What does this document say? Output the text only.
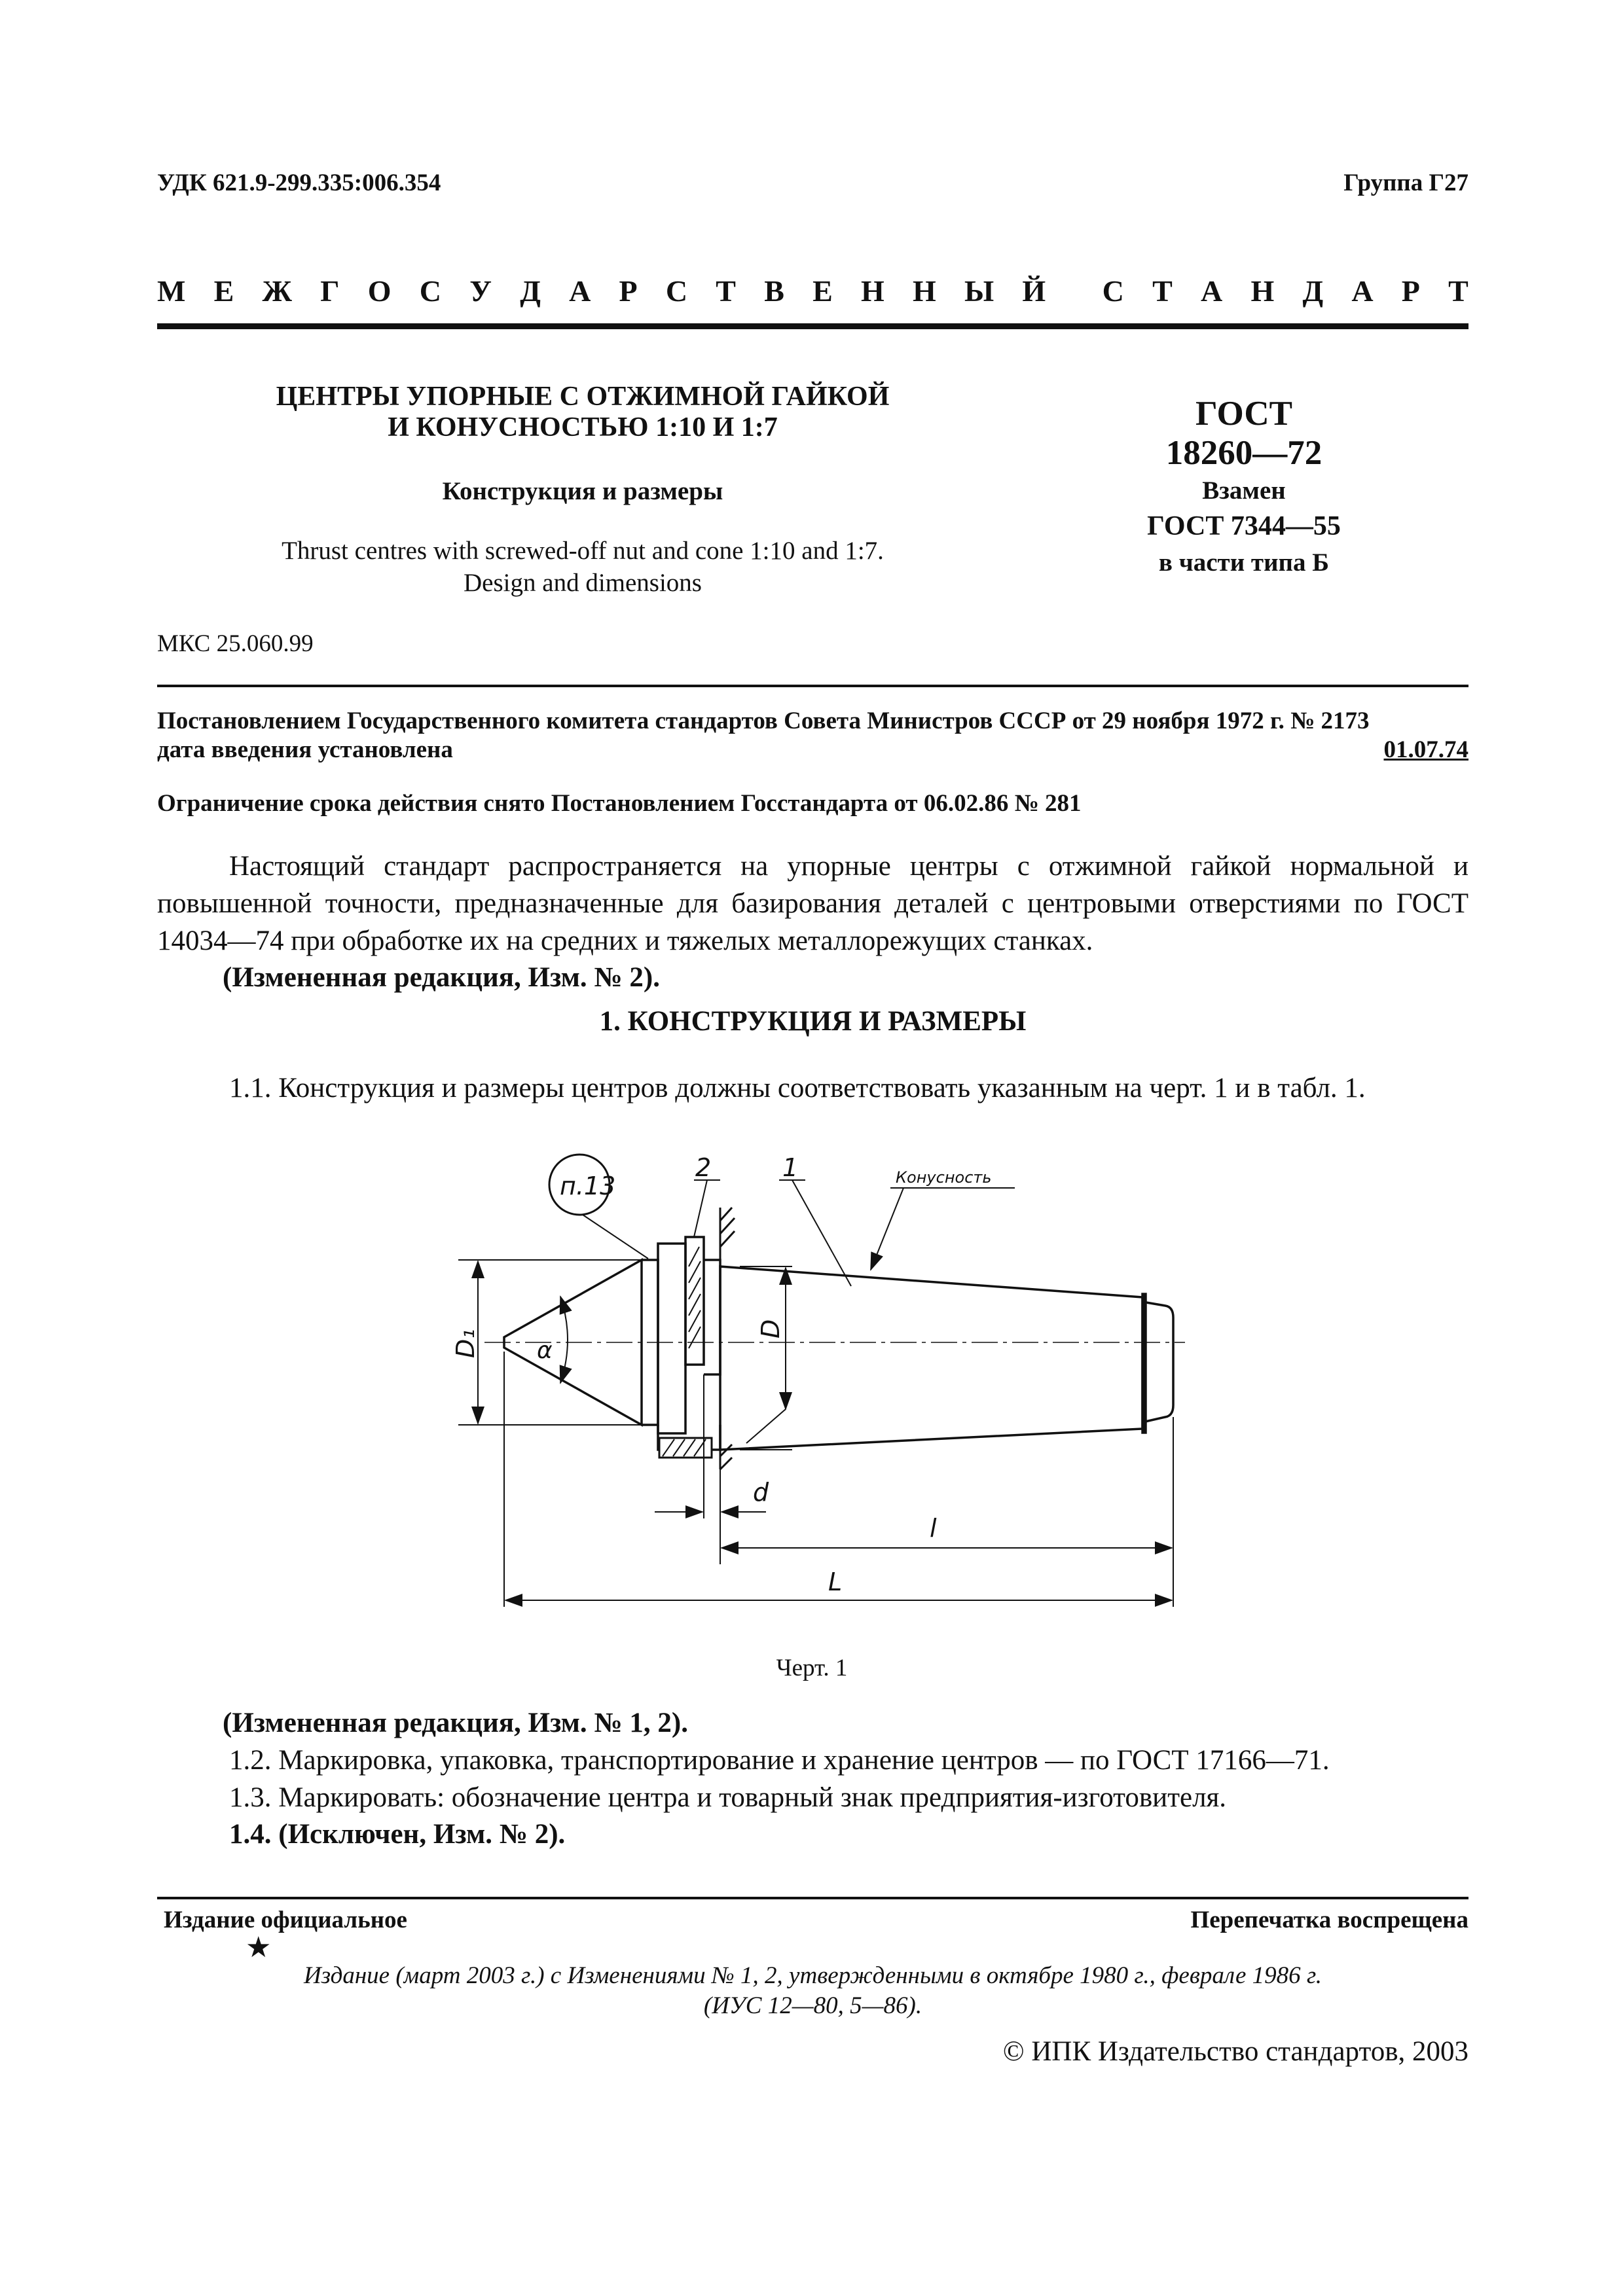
УДК 621.9-299.335:006.354	Группа Г27
М Е Ж Г О С У Д А Р С Т В Е Н Н Ы Й С Т А Н Д А Р Т
ЦЕНТРЫ УПОРНЫЕ С ОТЖИМНОЙ ГАЙКОЙ
И КОНУСНОСТЬЮ 1:10 И 1:7
Конструкция и размеры
Thrust centres with screwed-off nut and cone 1:10 and 1:7.
Design and dimensions
ГОСТ
18260—72
Взамен
ГОСТ 7344—55
в части типа Б
МКС 25.060.99
Постановлением Государственного комитета стандартов Совета Министров СССР от 29 ноября 1972 г. № 2173
дата введения установлена	01.07.74
Ограничение срока действия снято Постановлением Госстандарта от 06.02.86 № 281

Настоящий стандарт распространяется на упорные центры с отжимной гайкой нормальной и повышенной точности, предназначенные для базирования деталей с центровыми отверстиями по ГОСТ 14034—74 при обработке их на средних и тяжелых металлорежущих станках.

(Измененная редакция, Изм. № 2).

1. КОНСТРУКЦИЯ И РАЗМЕРЫ
1.1. Конструкция и размеры центров должны соответствовать указанным на черт. 1 и в табл. 1.
п.13
2	1	Конусность
D₁
D
α
d
l
L
Черт. 1
(Измененная редакция, Изм. № 1, 2).
1.2. Маркировка, упаковка, транспортирование и хранение центров — по ГОСТ 17166—71.
1.3. Маркировать: обозначение центра и товарный знак предприятия-изготовителя.
1.4. (Исключен, Изм. № 2).
Издание официальное	Перепечатка воспрещена
★
Издание (март 2003 г.) с Изменениями № 1, 2, утвержденными в октябре 1980 г., феврале 1986 г.
(ИУС 12—80, 5—86).
© ИПК Издательство стандартов, 2003
